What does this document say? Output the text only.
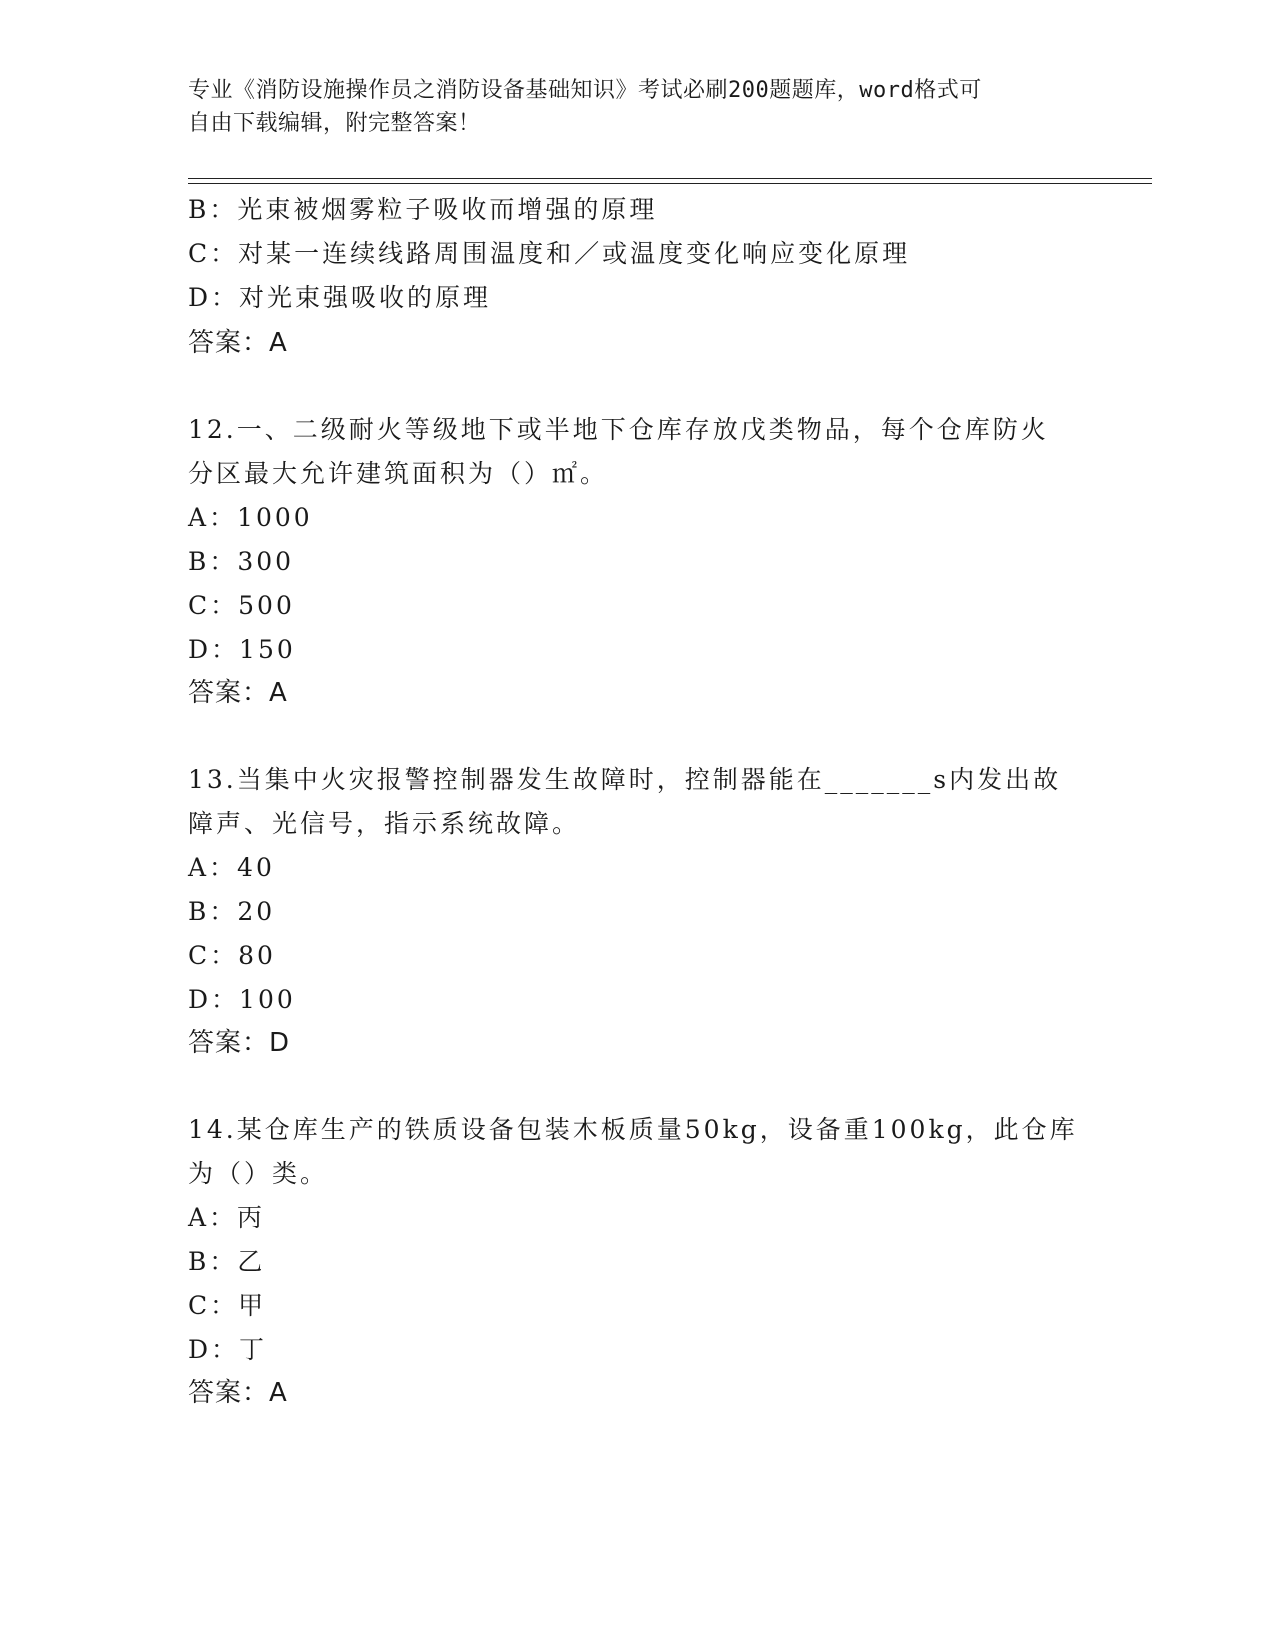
专业《消防设施操作员之消防设备基础知识》考试必刷200题题库，word格式可
自由下载编辑，附完整答案！
B：光束被烟雾粒子吸收而增强的原理
C：对某一连续线路周围温度和／或温度变化响应变化原理
D：对光束强吸收的原理
答案：A
12.一、二级耐火等级地下或半地下仓库存放戊类物品，每个仓库防火
分区最大允许建筑面积为（）㎡。
A：1000
B：300
C：500
D：150
答案：A
13.当集中火灾报警控制器发生故障时，控制器能在_______s内发出故
障声、光信号，指示系统故障。
A：40
B：20
C：80
D：100
答案：D
14.某仓库生产的铁质设备包装木板质量50kg，设备重100kg，此仓库
为（）类。
A：丙
B：乙
C：甲
D：丁
答案：A
